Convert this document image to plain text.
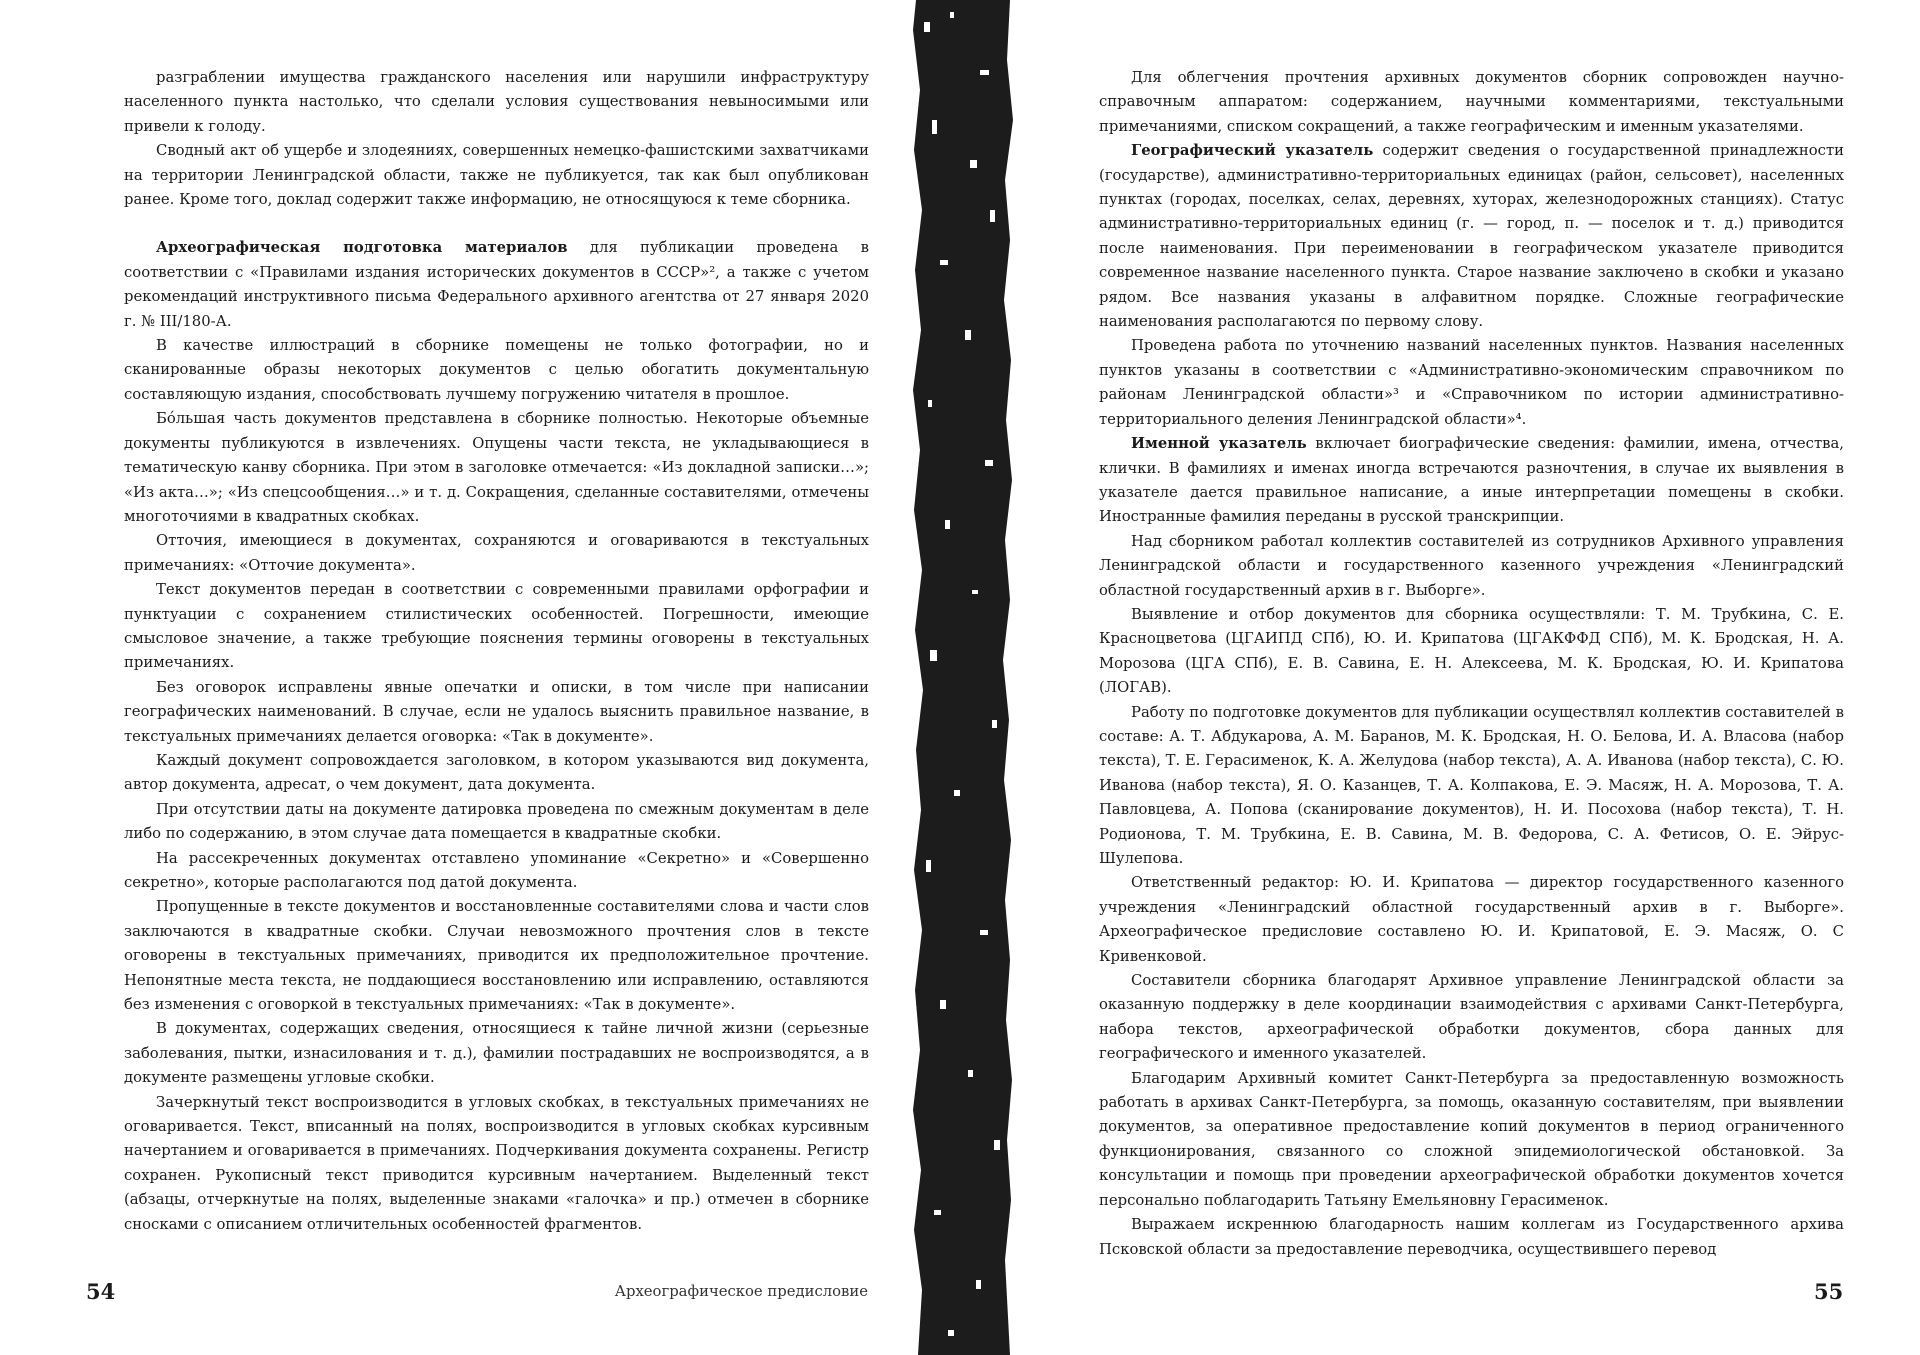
разграблении имущества гражданского населения или нарушили инфраструктуру населенного пункта настолько, что сделали условия существования невыносимыми или привели к голоду.

Сводный акт об ущербе и злодеяниях, совершенных немецко-фашистскими захватчиками на территории Ленинградской области, также не публикуется, так как был опубликован ранее. Кроме того, доклад содержит также информацию, не относящуюся к теме сборника.

Археографическая подготовка материалов для публикации проведена в соответствии с «Правилами издания исторических документов в СССР»², а также с учетом рекомендаций инструктивного письма Федерального архивного агентства от 27 января 2020 г. № III/180-А.

В качестве иллюстраций в сборнике помещены не только фотографии, но и сканированные образы некоторых документов с целью обогатить документальную составляющую издания, способствовать лучшему погружению читателя в прошлое.

Бóльшая часть документов представлена в сборнике полностью. Некоторые объемные документы публикуются в извлечениях. Опущены части текста, не укладывающиеся в тематическую канву сборника. При этом в заголовке отмечается: «Из докладной записки…»; «Из акта…»; «Из спецсообщения…» и т. д. Сокращения, сделанные составителями, отмечены многоточиями в квадратных скобках.

Отточия, имеющиеся в документах, сохраняются и оговариваются в текстуальных примечаниях: «Отточие документа».

Текст документов передан в соответствии с современными правилами орфографии и пунктуации с сохранением стилистических особенностей. Погрешности, имеющие смысловое значение, а также требующие пояснения термины оговорены в текстуальных примечаниях.

Без оговорок исправлены явные опечатки и описки, в том числе при написании географических наименований. В случае, если не удалось выяснить правильное название, в текстуальных примечаниях делается оговорка: «Так в документе».

Каждый документ сопровождается заголовком, в котором указываются вид документа, автор документа, адресат, о чем документ, дата документа.

При отсутствии даты на документе датировка проведена по смежным документам в деле либо по содержанию, в этом случае дата помещается в квадратные скобки.

На рассекреченных документах отставлено упоминание «Секретно» и «Совершенно секретно», которые располагаются под датой документа.

Пропущенные в тексте документов и восстановленные составителями слова и части слов заключаются в квадратные скобки. Случаи невозможного прочтения слов в тексте оговорены в текстуальных примечаниях, приводится их предположительное прочтение. Непонятные места текста, не поддающиеся восстановлению или исправлению, оставляются без изменения с оговоркой в текстуальных примечаниях: «Так в документе».

В документах, содержащих сведения, относящиеся к тайне личной жизни (серьезные заболевания, пытки, изнасилования и т. д.), фамилии пострадавших не воспроизводятся, а в документе размещены угловые скобки.

Зачеркнутый текст воспроизводится в угловых скобках, в текстуальных примечаниях не оговаривается. Текст, вписанный на полях, воспроизводится в угловых скобках курсивным начертанием и оговаривается в примечаниях. Подчеркивания документа сохранены. Регистр сохранен. Рукописный текст приводится курсивным начертанием. Выделенный текст (абзацы, отчеркнутые на полях, выделенные знаками «галочка» и пр.) отмечен в сборнике сносками с описанием отличительных особенностей фрагментов.

Для облегчения прочтения архивных документов сборник сопровожден научно-справочным аппаратом: содержанием, научными комментариями, текстуальными примечаниями, списком сокращений, а также географическим и именным указателями.

Географический указатель содержит сведения о государственной принадлежности (государстве), административно-территориальных единицах (район, сельсовет), населенных пунктах (городах, поселках, селах, деревнях, хуторах, железнодорожных станциях). Статус административно-территориальных единиц (г. — город, п. — поселок и т. д.) приводится после наименования. При переименовании в географическом указателе приводится современное название населенного пункта. Старое название заключено в скобки и указано рядом. Все названия указаны в алфавитном порядке. Сложные географические наименования располагаются по первому слову.

Проведена работа по уточнению названий населенных пунктов. Названия населенных пунктов указаны в соответствии с «Административно-экономическим справочником по районам Ленинградской области»³ и «Справочником по истории административно-территориального деления Ленинградской области»⁴.

Именной указатель включает биографические сведения: фамилии, имена, отчества, клички. В фамилиях и именах иногда встречаются разночтения, в случае их выявления в указателе дается правильное написание, а иные интерпретации помещены в скобки. Иностранные фамилия переданы в русской транскрипции.

Над сборником работал коллектив составителей из сотрудников Архивного управления Ленинградской области и государственного казенного учреждения «Ленинградский областной государственный архив в г. Выборге».

Выявление и отбор документов для сборника осуществляли: Т. М. Трубкина, С. Е. Красноцветова (ЦГАИПД СПб), Ю. И. Крипатова (ЦГАКФФД СПб), М. К. Бродская, Н. А. Морозова (ЦГА СПб), Е. В. Савина, Е. Н. Алексеева, М. К. Бродская, Ю. И. Крипатова (ЛОГАВ).

Работу по подготовке документов для публикации осуществлял коллектив составителей в составе: А. Т. Абдукарова, А. М. Баранов, М. К. Бродская, Н. О. Белова, И. А. Власова (набор текста), Т. Е. Герасименок, К. А. Желудова (набор текста), А. А. Иванова (набор текста), С. Ю. Иванова (набор текста), Я. О. Казанцев, Т. А. Колпакова, Е. Э. Масяж, Н. А. Морозова, Т. А. Павловцева, А. Попова (сканирование документов), Н. И. Посохова (набор текста), Т. Н. Родионова, Т. М. Трубкина, Е. В. Савина, М. В. Федорова, С. А. Фетисов, О. Е. Эйрус-Шулепова.

Ответственный редактор: Ю. И. Крипатова — директор государственного казенного учреждения «Ленинградский областной государственный архив в г. Выборге». Археографическое предисловие составлено Ю. И. Крипатовой, Е. Э. Масяж, О. С Кривенковой.

Составители сборника благодарят Архивное управление Ленинградской области за оказанную поддержку в деле координации взаимодействия с архивами Санкт-Петербурга, набора текстов, археографической обработки документов, сбора данных для географического и именного указателей.

Благодарим Архивный комитет Санкт-Петербурга за предоставленную возможность работать в архивах Санкт-Петербурга, за помощь, оказанную составителям, при выявлении документов, за оперативное предоставление копий документов в период ограниченного функционирования, связанного со сложной эпидемиологической обстановкой. За консультации и помощь при проведении археографической обработки документов хочется персонально поблагодарить Татьяну Емельяновну Герасименок.

Выражаем искреннюю благодарность нашим коллегам из Государственного архива Псковской области за предоставление переводчика, осуществившего перевод

54	Археографическое предисловие	55
